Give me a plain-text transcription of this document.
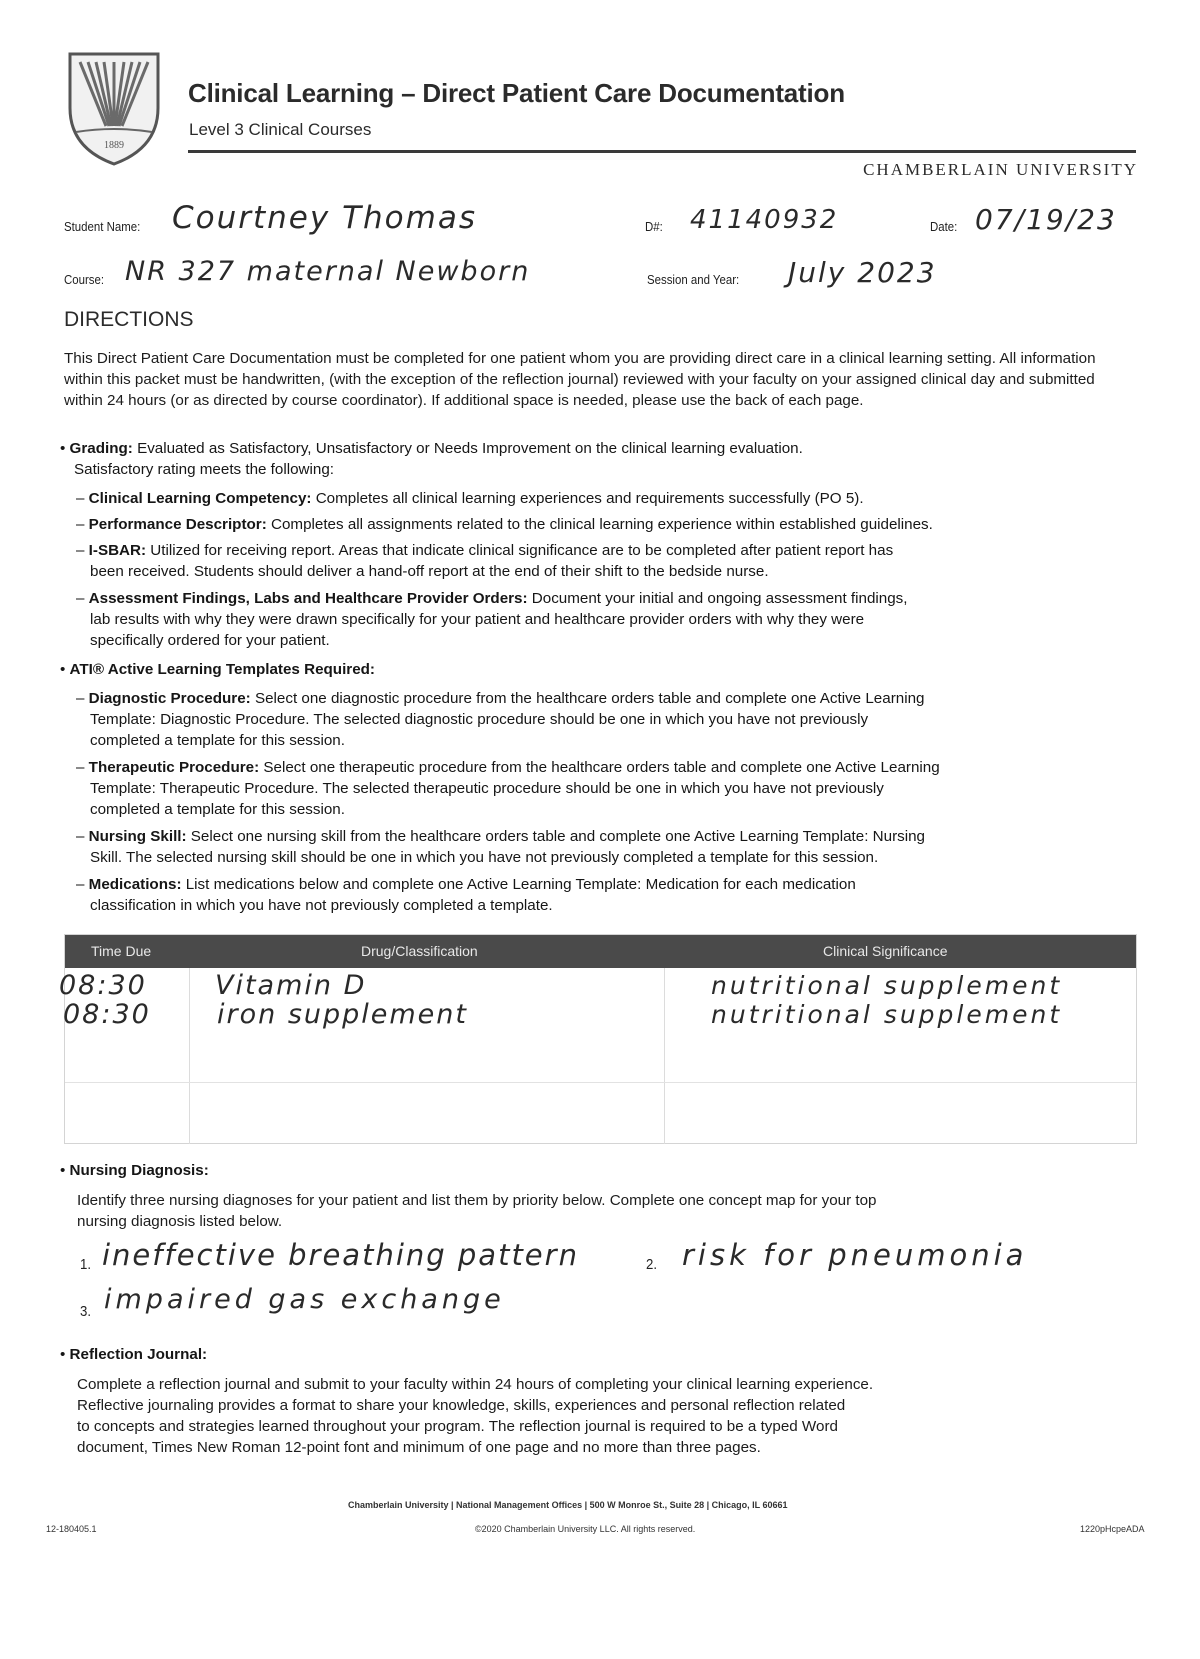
1889
Clinical Learning – Direct Patient Care Documentation
Level 3 Clinical Courses
CHAMBERLAIN UNIVERSITY
Student Name: Courtney Thomas	D#: 41140932	Date: 07/19/23
Course: NR 327 maternal Newborn	Session and Year: July 2023
DIRECTIONS
This Direct Patient Care Documentation must be completed for one patient whom you are providing direct care in a clinical learning setting. All information within this packet must be handwritten, (with the exception of the reflection journal) reviewed with your faculty on your assigned clinical day and submitted within 24 hours (or as directed by course coordinator). If additional space is needed, please use the back of each page.
• Grading: Evaluated as Satisfactory, Unsatisfactory or Needs Improvement on the clinical learning evaluation.
Satisfactory rating meets the following:
– Clinical Learning Competency: Completes all clinical learning experiences and requirements successfully (PO 5).
– Performance Descriptor: Completes all assignments related to the clinical learning experience within established guidelines.
– I-SBAR: Utilized for receiving report. Areas that indicate clinical significance are to be completed after patient report has
been received. Students should deliver a hand-off report at the end of their shift to the bedside nurse.
– Assessment Findings, Labs and Healthcare Provider Orders: Document your initial and ongoing assessment findings,
lab results with why they were drawn specifically for your patient and healthcare provider orders with why they were
specifically ordered for your patient.
• ATI® Active Learning Templates Required:
– Diagnostic Procedure: Select one diagnostic procedure from the healthcare orders table and complete one Active Learning
Template: Diagnostic Procedure. The selected diagnostic procedure should be one in which you have not previously
completed a template for this session.
– Therapeutic Procedure: Select one therapeutic procedure from the healthcare orders table and complete one Active Learning
Template: Therapeutic Procedure. The selected therapeutic procedure should be one in which you have not previously
completed a template for this session.
– Nursing Skill: Select one nursing skill from the healthcare orders table and complete one Active Learning Template: Nursing
Skill. The selected nursing skill should be one in which you have not previously completed a template for this session.
– Medications: List medications below and complete one Active Learning Template: Medication for each medication
classification in which you have not previously completed a template.
Time Due	Drug/Classification	Clinical Significance
08:30	Vitamin D	nutritional supplement
08:30 iron supplement	nutritional supplement
• Nursing Diagnosis:
Identify three nursing diagnoses for your patient and list them by priority below. Complete one concept map for your top
nursing diagnosis listed below.
1. ineffective breathing pattern	2. risk for pneumonia
3. impaired gas exchange
• Reflection Journal:
Complete a reflection journal and submit to your faculty within 24 hours of completing your clinical learning experience.
Reflective journaling provides a format to share your knowledge, skills, experiences and personal reflection related
to concepts and strategies learned throughout your program. The reflection journal is required to be a typed Word
document, Times New Roman 12-point font and minimum of one page and no more than three pages.
Chamberlain University | National Management Offices | 500 W Monroe St., Suite 28 | Chicago, IL 60661
©2020 Chamberlain University LLC. All rights reserved.
12-180405.1	1220pHcpeADA
